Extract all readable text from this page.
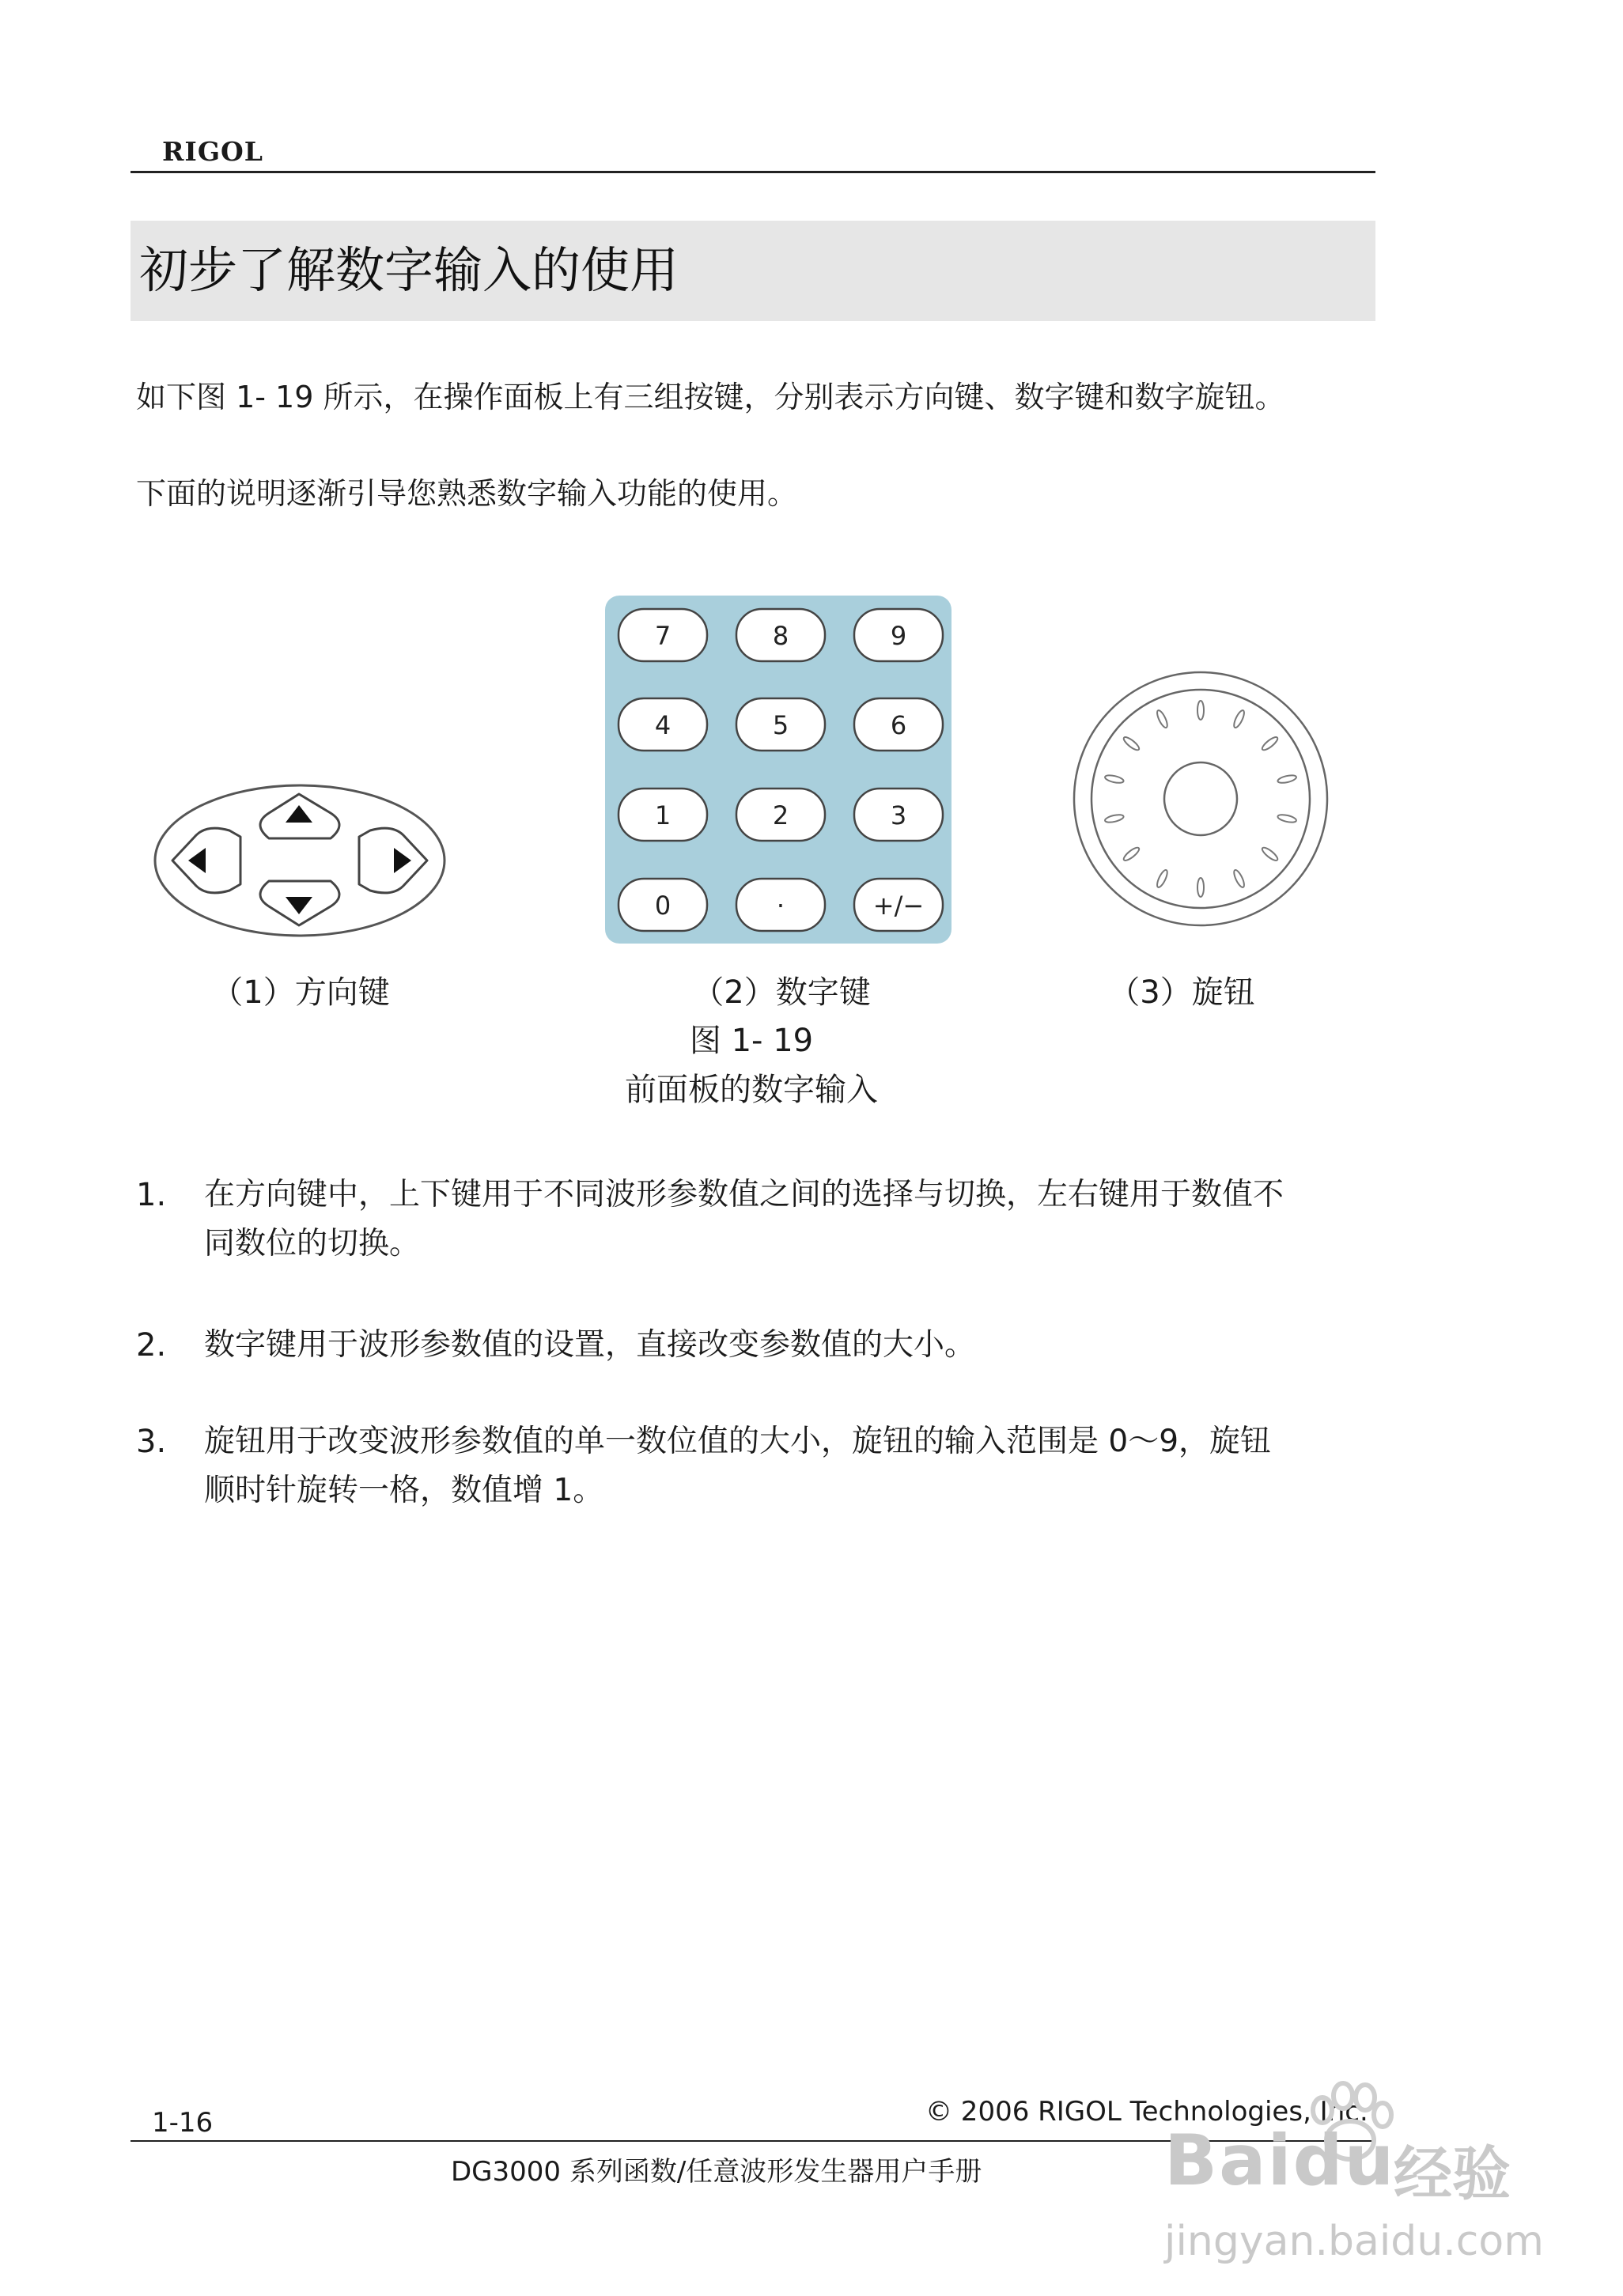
RIGOL
初步了解数字输入的使用
如下图 1- 19 所示，在操作面板上有三组按键，分别表示方向键、数字键和数字旋钮。
下面的说明逐渐引导您熟悉数字输入功能的使用。
7	8	9
4	5	6
1	2	3
0	·	+/−
（1）方向键	（2）数字键	（3）旋钮
图 1- 19
前面板的数字输入
1. 在方向键中，上下键用于不同波形参数值之间的选择与切换，左右键用于数值不
同数位的切换。
2. 数字键用于波形参数值的设置，直接改变参数值的大小。
3. 旋钮用于改变波形参数值的单一数位值的大小，旋钮的输入范围是 0～9，旋钮
顺时针旋转一格，数值增 1。
© 2006 RIGOL Technologies, Inc.
1-16
DG3000 系列函数/任意波形发生器用户手册	Baidu
经验
jingyan.baidu.com
